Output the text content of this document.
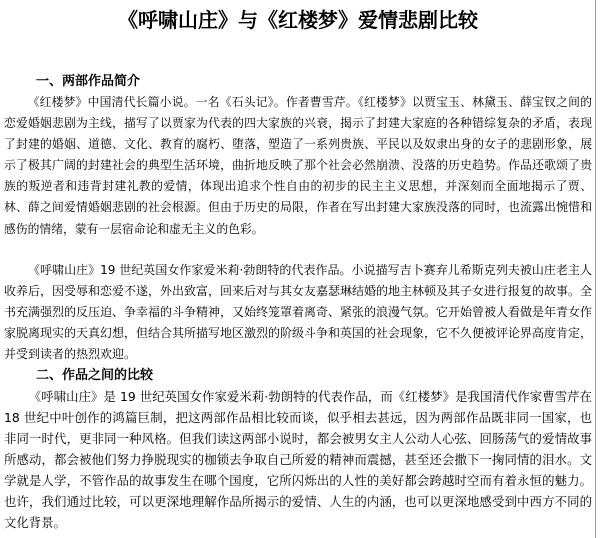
《呼啸山庄》与《红楼梦》爱情悲剧比较
一、两部作品简介

《红楼梦》中国清代长篇小说。一名《石头记》。作者曹雪芹。《红楼梦》以贾宝玉、林黛玉、薛宝钗之间的恋爱婚姻悲剧为主线，描写了以贾家为代表的四大家族的兴衰，揭示了封建大家庭的各种错综复杂的矛盾，表现了封建的婚姻、道德、文化、教育的腐朽、堕落，塑造了一系列贵族、平民以及奴隶出身的女子的悲剧形象，展示了极其广阔的封建社会的典型生活环境，曲折地反映了那个社会必然崩溃、没落的历史趋势。作品还歌颂了贵族的叛逆者和违背封建礼教的爱情，体现出追求个性自由的初步的民主主义思想，并深刻而全面地揭示了贾、林、薛之间爱情婚姻悲剧的社会根源。但由于历史的局限，作者在写出封建大家族没落的同时，也流露出惋惜和感伤的情绪，蒙有一层宿命论和虚无主义的色彩。

《呼啸山庄》19 世纪英国女作家爱米莉·勃朗特的代表作品。小说描写吉卜赛弃儿希斯克列夫被山庄老主人收养后，因受辱和恋爱不遂，外出致富，回来后对与其女友嘉瑟琳结婚的地主林顿及其子女进行报复的故事。全书充满强烈的反压迫、争幸福的斗争精神，又始终笼罩着离奇、紧张的浪漫气氛。它开始曾被人看做是年青女作家脱离现实的天真幻想，但结合其所描写地区激烈的阶级斗争和英国的社会现象，它不久便被评论界高度肯定，并受到读者的热烈欢迎。

二、作品之间的比较

《呼啸山庄》是 19 世纪英国女作家爱米莉·勃朗特的代表作品，而《红楼梦》是我国清代作家曹雪芹在 18 世纪中叶创作的鸿篇巨制，把这两部作品相比较而谈，似乎相去甚远，因为两部作品既非同一国家，也非同一时代，更非同一种风格。但我们读这两部小说时，都会被男女主人公动人心弦、回肠荡气的爱情故事所感动，都会被他们努力挣脱现实的枷锁去争取自己所爱的精神而震撼，甚至还会撒下一掬同情的泪水。文学就是人学，不管作品的故事发生在哪个国度，它所闪烁出的人性的美好都会跨越时空而有着永恒的魅力。也许，我们通过比较，可以更深地理解作品所揭示的爱情、人生的内涵，也可以更深地感受到中西方不同的文化背景。
